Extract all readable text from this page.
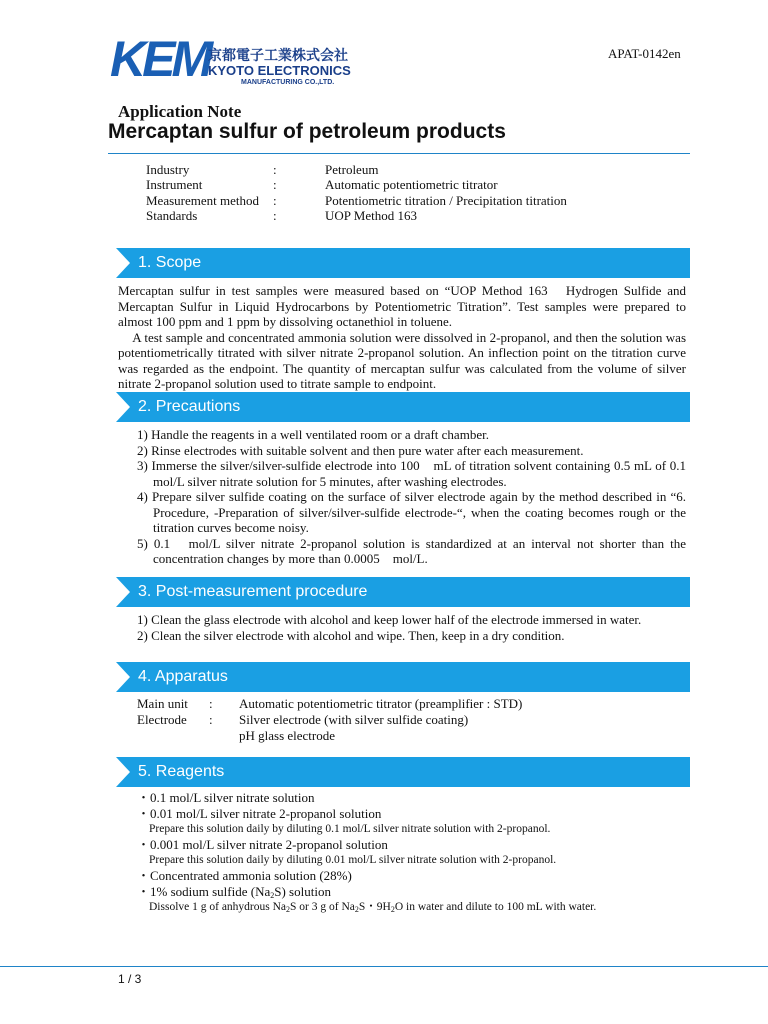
KEM
京都電子工業株式会社
KYOTO ELECTRONICS
MANUFACTURING CO.,LTD.
APAT-0142en
Application Note
Mercaptan sulfur of petroleum products
Industry	:	Petroleum
Instrument	:	Automatic potentiometric titrator
Measurement method	:	Potentiometric titration / Precipitation titration
Standards	:	UOP Method 163
1. Scope

Mercaptan sulfur in test samples were measured based on “UOP Method 163　Hydrogen Sulfide and Mercaptan Sulfur in Liquid Hydrocarbons by Potentiometric Titration”. Test samples were prepared to almost 100 ppm and 1 ppm by dissolving octanethiol in toluene.

A test sample and concentrated ammonia solution were dissolved in 2-propanol, and then the solution was potentiometrically titrated with silver nitrate 2-propanol solution. An inflection point on the titration curve was regarded as the endpoint. The quantity of mercaptan sulfur was calculated from the volume of silver nitrate 2-propanol solution used to titrate sample to endpoint.

2. Precautions
1) Handle the reagents in a well ventilated room or a draft chamber.
2) Rinse electrodes with suitable solvent and then pure water after each measurement.
3) Immerse the silver/silver-sulfide electrode into 100　mL of titration solvent containing 0.5 mL of 0.1 mol/L silver nitrate solution for 5 minutes, after washing electrodes.
4) Prepare silver sulfide coating on the surface of silver electrode again by the method described in “6. Procedure, -Preparation of silver/silver-sulfide electrode-“, when the coating becomes rough or the titration curves become noisy.
5) 0.1　mol/L silver nitrate 2-propanol solution is standardized at an interval not shorter than the concentration changes by more than 0.0005　mol/L.
3. Post-measurement procedure
1) Clean the glass electrode with alcohol and keep lower half of the electrode immersed in water.
2) Clean the silver electrode with alcohol and wipe. Then, keep in a dry condition.
4. Apparatus
Main unit	:	Automatic potentiometric titrator (preamplifier : STD)
Electrode	:	Silver electrode (with silver sulfide coating)
pH glass electrode
5. Reagents
・0.1 mol/L silver nitrate solution
・0.01 mol/L silver nitrate 2-propanol solution
Prepare this solution daily by diluting 0.1 mol/L silver nitrate solution with 2-propanol.
・0.001 mol/L silver nitrate 2-propanol solution
Prepare this solution daily by diluting 0.01 mol/L silver nitrate solution with 2-propanol.
・Concentrated ammonia solution (28%)
・1% sodium sulfide $(Na_2S)$ solution
Dissolve 1 g of anhydrous $Na_2S$ or 3 g of $Na_2S$・$9H_2O$ in water and dilute to 100 mL with water.
1 / 3
